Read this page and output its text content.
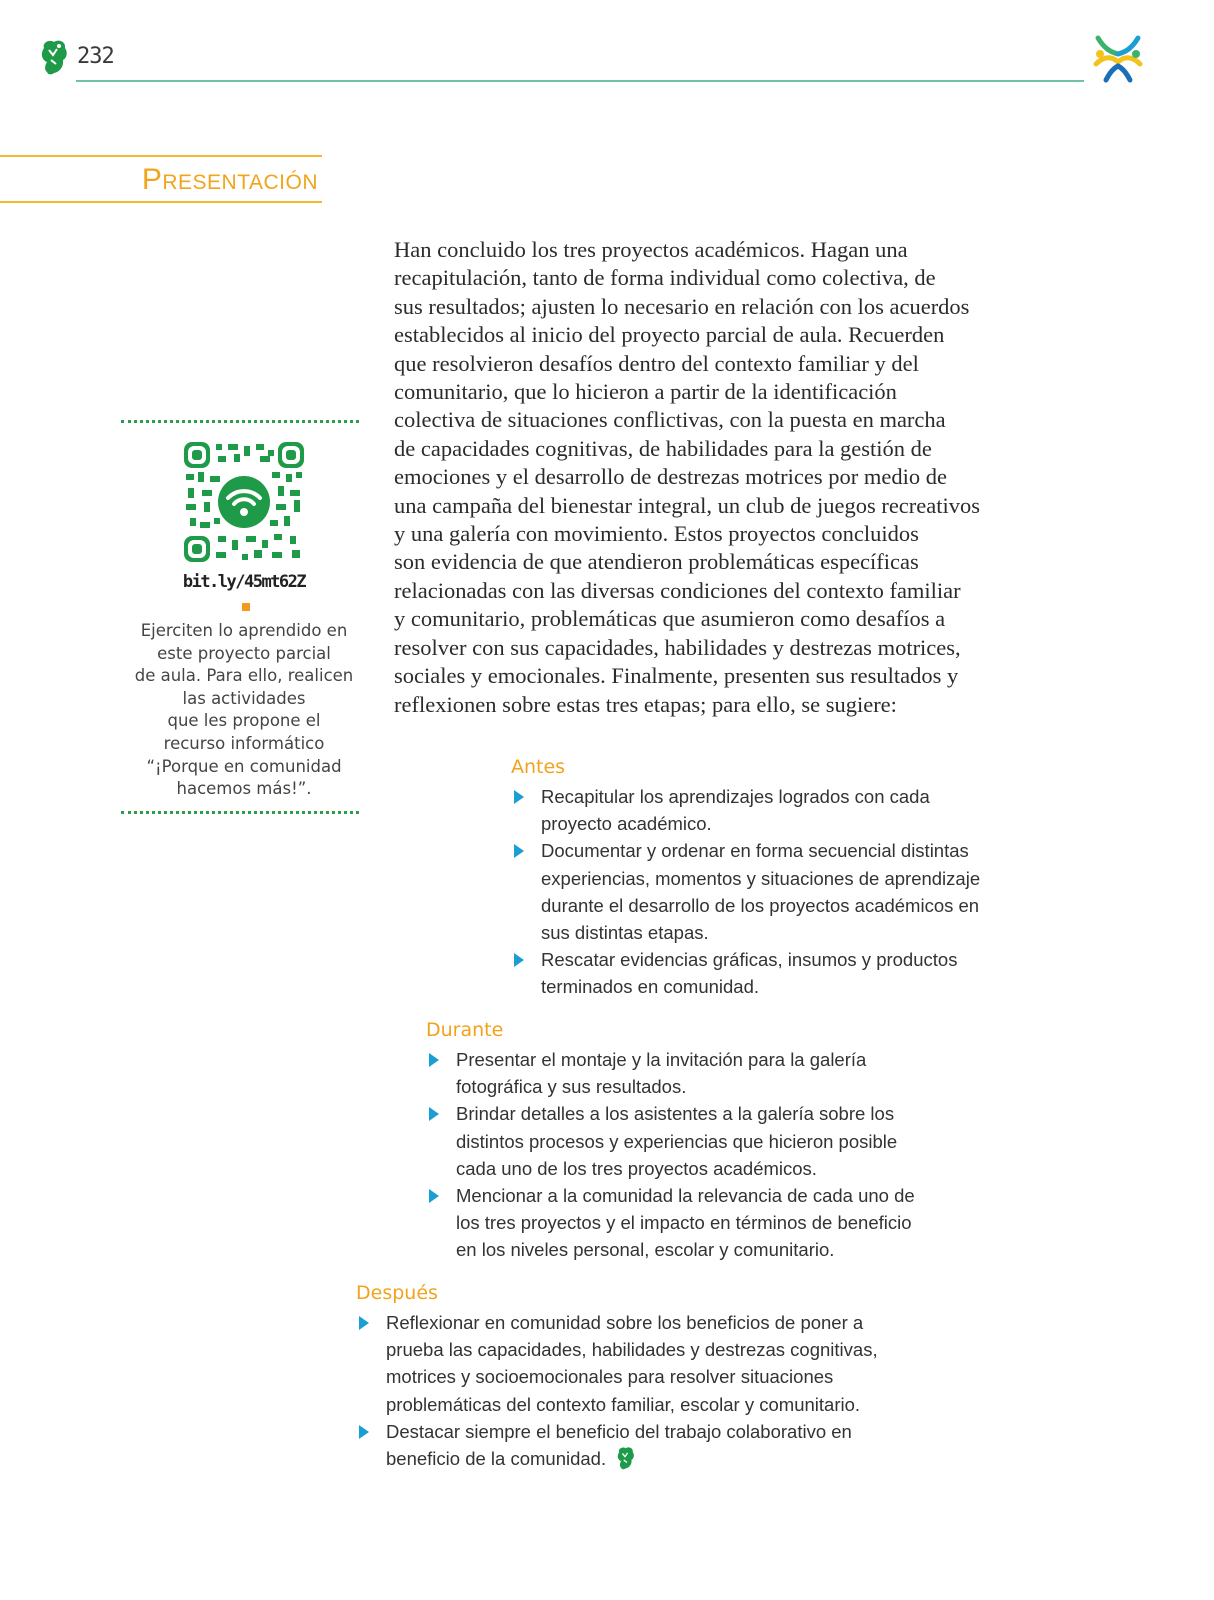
232
Presentación
bit.ly/45mt62Z
Ejerciten lo aprendido en
este proyecto parcial
de aula. Para ello, realicen
las actividades
que les propone el
recurso informático
“¡Porque en comunidad
hacemos más!”.
Han concluido los tres proyectos académicos. Hagan una
recapitulación, tanto de forma individual como colectiva, de
sus resultados; ajusten lo necesario en relación con los acuerdos
establecidos al inicio del proyecto parcial de aula. Recuerden
que resolvieron desafíos dentro del contexto familiar y del
comunitario, que lo hicieron a partir de la identificación
colectiva de situaciones conflictivas, con la puesta en marcha
de capacidades cognitivas, de habilidades para la gestión de
emociones y el desarrollo de destrezas motrices por medio de
una campaña del bienestar integral, un club de juegos recreativos
y una galería con movimiento. Estos proyectos concluidos
son evidencia de que atendieron problemáticas específicas
relacionadas con las diversas condiciones del contexto familiar
y comunitario, problemáticas que asumieron como desafíos a
resolver con sus capacidades, habilidades y destrezas motrices,
sociales y emocionales. Finalmente, presenten sus resultados y
reflexionen sobre estas tres etapas; para ello, se sugiere:
Antes
Recapitular los aprendizajes logrados con cada
proyecto académico.
Documentar y ordenar en forma secuencial distintas
experiencias, momentos y situaciones de aprendizaje
durante el desarrollo de los proyectos académicos en
sus distintas etapas.
Rescatar evidencias gráficas, insumos y productos
terminados en comunidad.
Durante
Presentar el montaje y la invitación para la galería
fotográfica y sus resultados.
Brindar detalles a los asistentes a la galería sobre los
distintos procesos y experiencias que hicieron posible
cada uno de los tres proyectos académicos.
Mencionar a la comunidad la relevancia de cada uno de
los tres proyectos y el impacto en términos de beneficio
en los niveles personal, escolar y comunitario.
Después
Reflexionar en comunidad sobre los beneficios de poner a
prueba las capacidades, habilidades y destrezas cognitivas,
motrices y socioemocionales para resolver situaciones
problemáticas del contexto familiar, escolar y comunitario.
Destacar siempre el beneficio del trabajo colaborativo en
beneficio de la comunidad.
